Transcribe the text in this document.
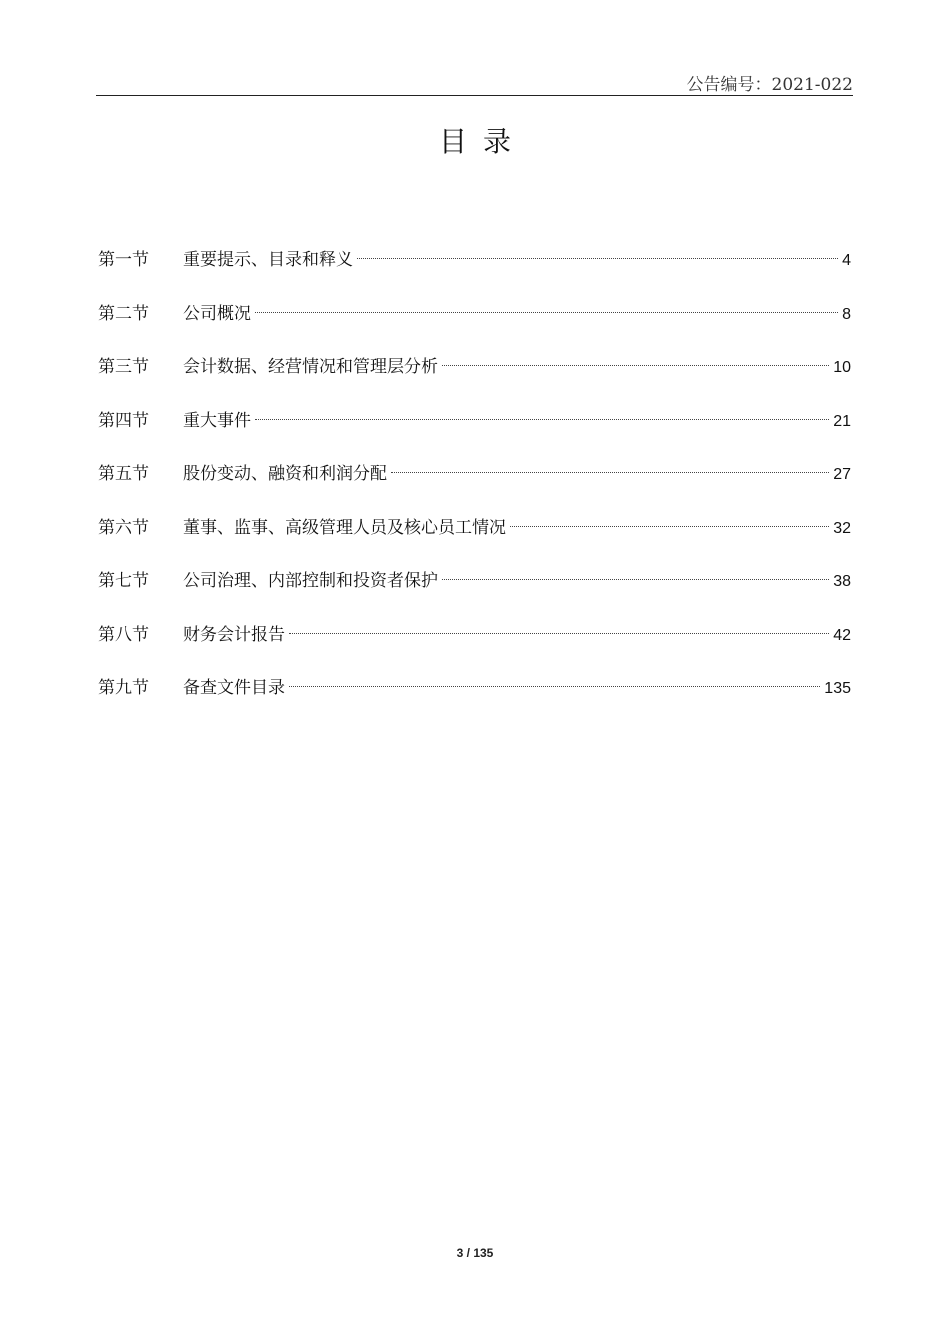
公告编号：2021-022
目录
第一节	重要提示、目录和释义	4
第二节	公司概况	8
第三节	会计数据、经营情况和管理层分析	10
第四节	重大事件	21
第五节	股份变动、融资和利润分配	27
第六节	董事、监事、高级管理人员及核心员工情况	32
第七节	公司治理、内部控制和投资者保护	38
第八节	财务会计报告	42
第九节	备查文件目录	135
3 / 135
